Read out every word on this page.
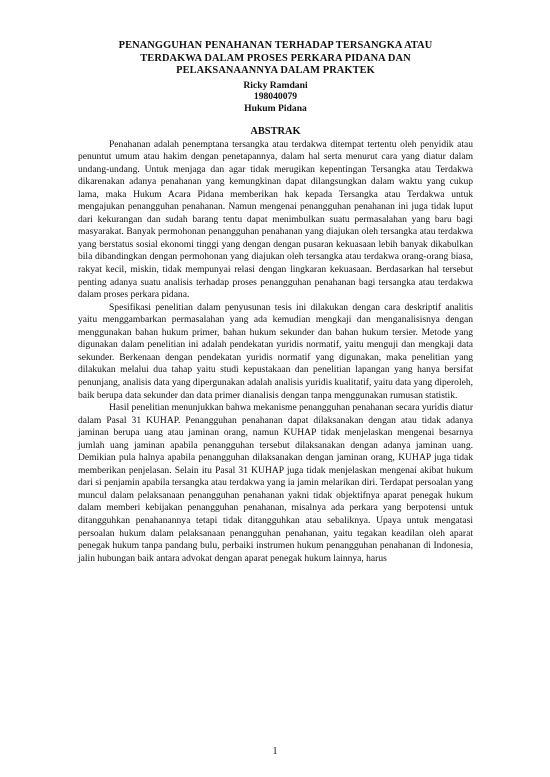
PENANGGUHAN PENAHANAN TERHADAP TERSANGKA ATAU
TERDAKWA DALAM PROSES PERKARA PIDANA DAN
PELAKSANAANNYA DALAM PRAKTEK
Ricky Ramdani
198040079
Hukum Pidana
ABSTRAK

Penahanan adalah penemptana tersangka atau terdakwa ditempat tertentu oleh penyidik atau penuntut umum atau hakim dengan penetapannya, dalam hal serta menurut cara yang diatur dalam undang-undang. Untuk menjaga dan agar tidak merugikan kepentingan Tersangka atau Terdakwa dikarenakan adanya penahanan yang kemungkinan dapat dilangsungkan dalam waktu yang cukup lama, maka Hukum Acara Pidana memberikan hak kepada Tersangka atau Terdakwa untuk mengajukan penangguhan penahanan. Namun mengenai penangguhan penahanan ini juga tidak luput dari kekurangan dan sudah barang tentu dapat menimbulkan suatu permasalahan yang baru bagi masyarakat. Banyak permohonan penangguhan penahanan yang diajukan oleh tersangka atau terdakwa yang berstatus sosial ekonomi tinggi yang dengan dengan pusaran kekuasaan lebih banyak dikabulkan bila dibandingkan dengan permohonan yang diajukan oleh tersangka atau terdakwa orang-orang biasa, rakyat kecil, miskin, tidak mempunyai relasi dengan lingkaran kekuasaan. Berdasarkan hal tersebut penting adanya suatu analisis terhadap proses penangguhan penahanan bagi tersangka atau terdakwa dalam proses perkara pidana.

Spesifikasi penelitian dalam penyusunan tesis ini dilakukan dengan cara deskriptif analitis yaitu menggambarkan permasalahan yang ada kemudian mengkaji dan menganalisisnya dengan menggunakan bahan hukum primer, bahan hukum sekunder dan bahan hukum tersier. Metode yang digunakan dalam penelitian ini adalah pendekatan yuridis normatif, yaitu menguji dan mengkaji data sekunder. Berkenaan dengan pendekatan yuridis normatif yang digunakan, maka penelitian yang dilakukan melalui dua tahap yaitu studi kepustakaan dan penelitian lapangan yang hanya bersifat penunjang, analisis data yang dipergunakan adalah analisis yuridis kualitatif, yaitu data yang diperoleh, baik berupa data sekunder dan data primer dianalisis dengan tanpa menggunakan rumusan statistik.

Hasil penelitian menunjukkan bahwa mekanisme penangguhan penahanan secara yuridis diatur dalam Pasal 31 KUHAP. Penangguhan penahanan dapat dilaksanakan dengan atau tidak adanya jaminan berupa uang atau jaminan orang, namun KUHAP tidak menjelaskan mengenai besarnya jumlah uang jaminan apabila penangguhan tersebut dilaksanakan dengan adanya jaminan uang. Demikian pula halnya apabila penangguhan dilaksanakan dengan jaminan orang, KUHAP juga tidak memberikan penjelasan. Selain itu Pasal 31 KUHAP juga tidak menjelaskan mengenai akibat hukum dari si penjamin apabila tersangka atau terdakwa yang ia jamin melarikan diri. Terdapat persoalan yang muncul dalam pelaksanaan penangguhan penahanan yakni tidak objektifnya aparat penegak hukum dalam memberi kebijakan penangguhan penahanan, misalnya ada perkara yang berpotensi untuk ditangguhkan penahanannya tetapi tidak ditangguhkan atau sebaliknya. Upaya untuk mengatasi persoalan hukum dalam pelaksanaan penangguhan penahanan, yaitu tegakan keadilan oleh aparat penegak hukum tanpa pandang bulu, perbaiki instrumen hukum penangguhan penahanan di Indonesia, jalin hubungan baik antara advokat dengan aparat penegak hukum lainnya, harus

1
